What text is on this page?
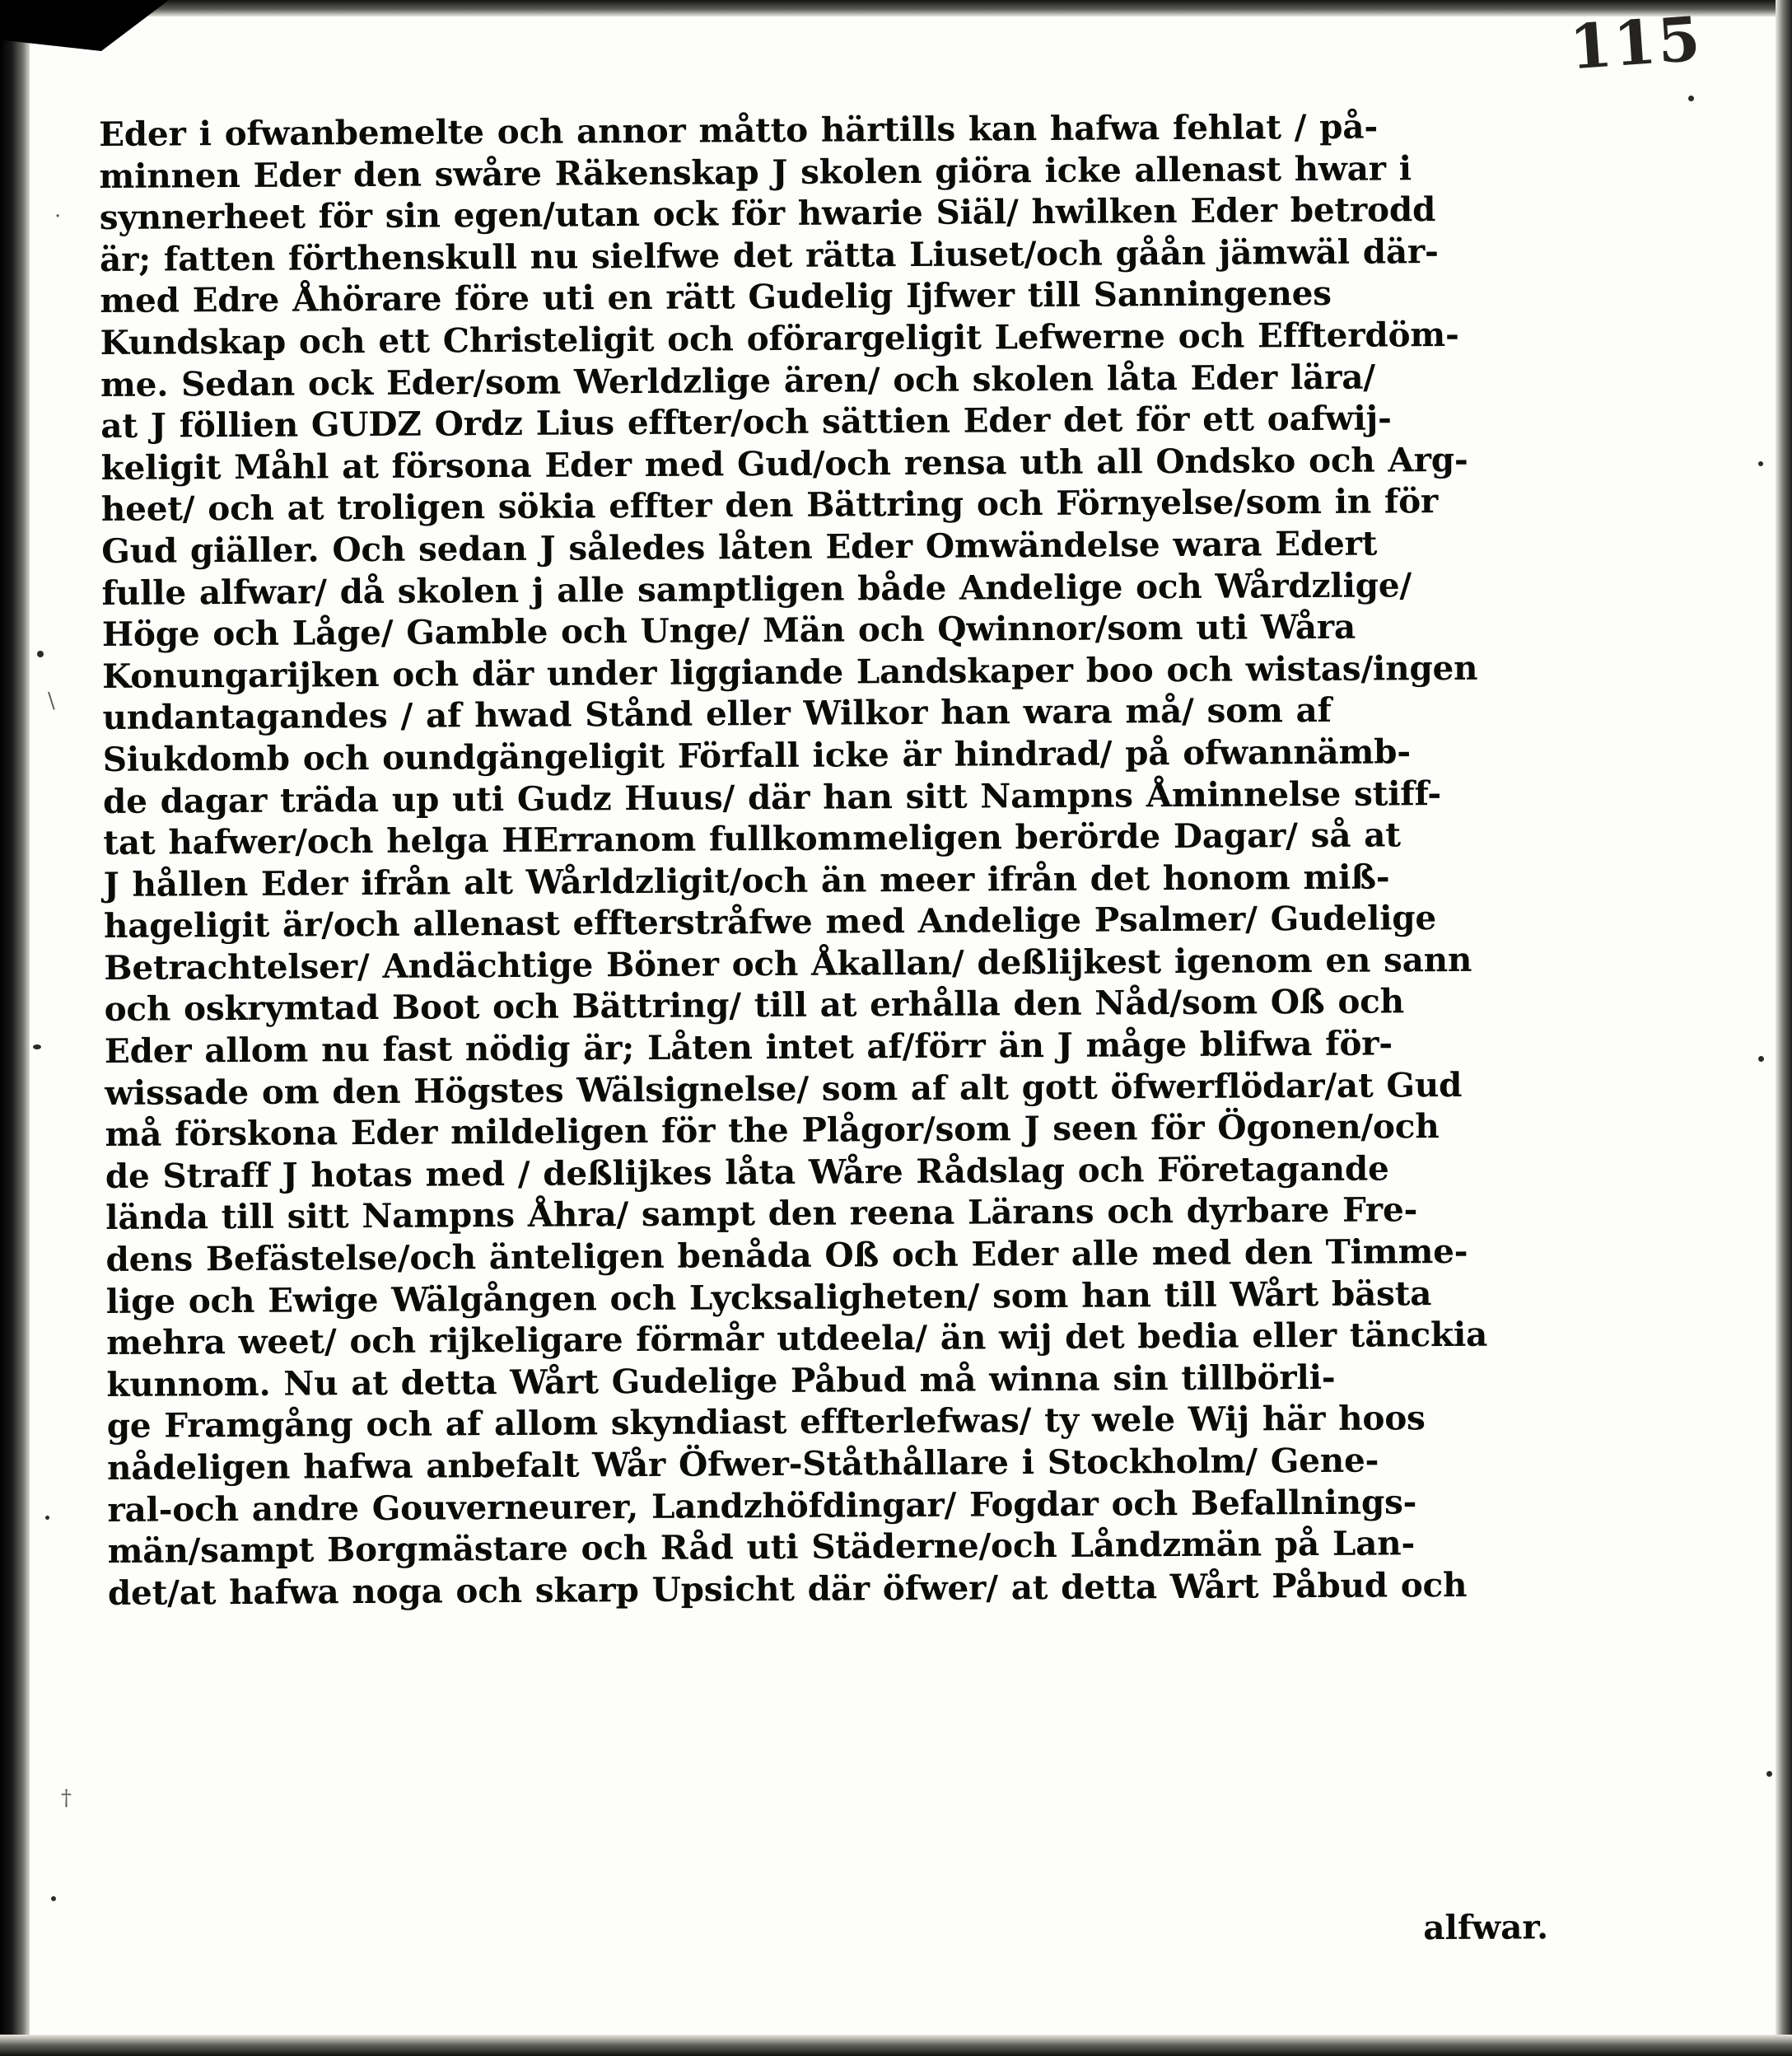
115
Eder i ofwanbemelte och annor måtto härtills kan hafwa fehlat / på-
minnen Eder den swåre Räkenskap J skolen giöra icke allenast hwar i
synnerheet för sin egen/utan ock för hwarie Siäl/ hwilken Eder betrodd
är; fatten förthenskull nu sielfwe det rätta Liuset/och gåån jämwäl där-
med Edre Åhörare före uti en rätt Gudelig Ijfwer till Sanningenes
Kundskap och ett Christeligit och oförargeligit Lefwerne och Effterdöm-
me. Sedan ock Eder/som Werldzlige ären/ och skolen låta Eder lära/
at J föllien GUDZ Ordz Lius effter/och sättien Eder det för ett oafwij-
keligit Måhl at försona Eder med Gud/och rensa uth all Ondsko och Arg-
heet/ och at troligen sökia effter den Bättring och Förnyelse/som in för
Gud giäller. Och sedan J således låten Eder Omwändelse wara Edert
fulle alfwar/ då skolen j alle samptligen både Andelige och Wårdzlige/
Höge och Låge/ Gamble och Unge/ Män och Qwinnor/som uti Wåra
Konungarijken och där under liggiande Landskaper boo och wistas/ingen
undantagandes / af hwad Stånd eller Wilkor han wara må/ som af
Siukdomb och oundgängeligit Förfall icke är hindrad/ på ofwannämb-
de dagar träda up uti Gudz Huus/ där han sitt Nampns Åminnelse stiff-
tat hafwer/och helga HErranom fullkommeligen berörde Dagar/ så at
J hållen Eder ifrån alt Wårldzligit/och än meer ifrån det honom miß-
hageligit är/och allenast effterstråfwe med Andelige Psalmer/ Gudelige
Betrachtelser/ Andächtige Böner och Åkallan/ deßlijkest igenom en sann
och oskrymtad Boot och Bättring/ till at erhålla den Nåd/som Oß och
Eder allom nu fast nödig är; Låten intet af/förr än J måge blifwa för-
wissade om den Högstes Wälsignelse/ som af alt gott öfwerflödar/at Gud
må förskona Eder mildeligen för the Plågor/som J seen för Ögonen/och
de Straff J hotas med / deßlijkes låta Wåre Rådslag och Företagande
lända till sitt Nampns Åhra/ sampt den reena Lärans och dyrbare Fre-
dens Befästelse/och änteligen benåda Oß och Eder alle med den Timme-
lige och Ewige Wälgången och Lycksaligheten/ som han till Wårt bästa
mehra weet/ och rijkeligare förmår utdeela/ än wij det bedia eller tänckia
kunnom. Nu at detta Wårt Gudelige Påbud må winna sin tillbörli-
ge Framgång och af allom skyndiast effterlefwas/ ty wele Wij här hoos
nådeligen hafwa anbefalt Wår Öfwer-Ståthållare i Stockholm/ Gene-
ral-och andre Gouverneurer, Landzhöfdingar/ Fogdar och Befallnings-
män/sampt Borgmästare och Råd uti Städerne/och Låndzmän på Lan-
det/at hafwa noga och skarp Upsicht där öfwer/ at detta Wårt Påbud och
alfwar.
·
\
†
